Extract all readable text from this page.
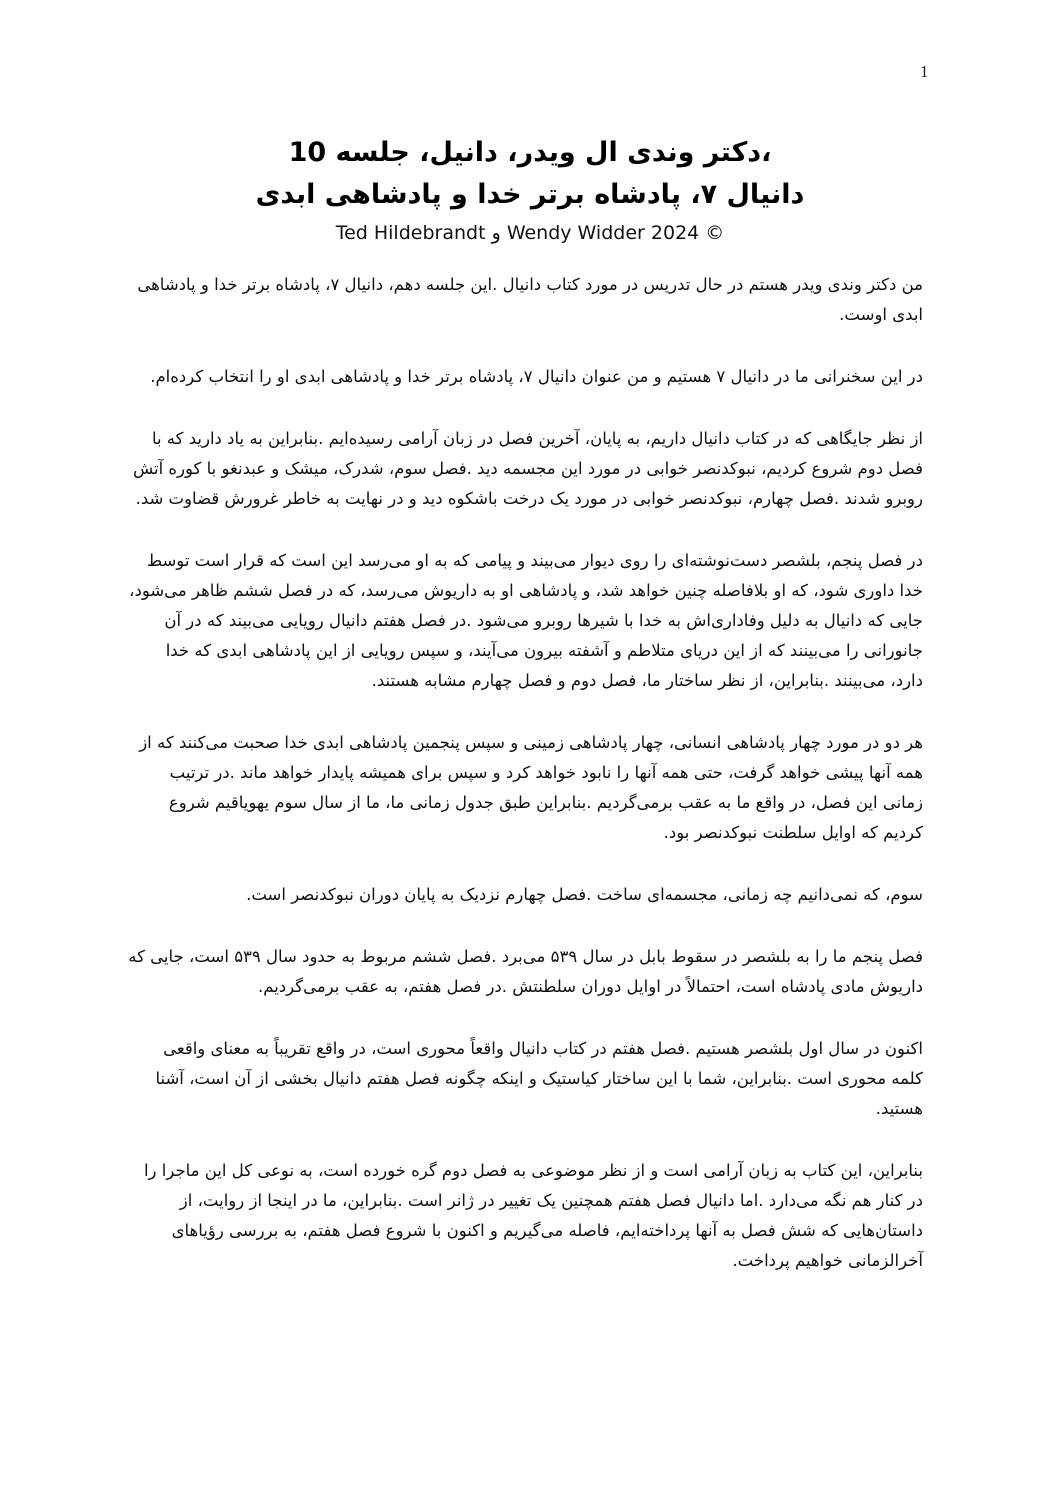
1
،دکتر وندی ال ویدر، دانیل، جلسه 10
دانیال ۷، پادشاه برتر خدا و پادشاهی ابدی
© 2024 Wendy Widder و Ted Hildebrandt

من دکتر وندی ویدر هستم در حال تدریس در مورد کتاب دانیال .این جلسه دهم، دانیال ۷، پادشاه برتر خدا و پادشاهی ابدی اوست.

در این سخنرانی ما در دانیال ۷ هستیم و من عنوان دانیال ۷، پادشاه برتر خدا و پادشاهی ابدی او را انتخاب کرده‌ام.

از نظر جایگاهی که در کتاب دانیال داریم، به پایان، آخرین فصل در زبان آرامی رسیده‌ایم .بنابراین به یاد دارید که با فصل دوم شروع کردیم، نبوکدنصر خوابی در مورد این مجسمه دید .فصل سوم، شدرک، میشک و عبدنغو با کوره آتش روبرو شدند .فصل چهارم، نبوکدنصر خوابی در مورد یک درخت باشکوه دید و در نهایت به خاطر غرورش قضاوت شد.

در فصل پنجم، بلشصر دست‌نوشته‌ای را روی دیوار می‌بیند و پیامی که به او می‌رسد این است که قرار است توسط خدا داوری شود، که او بلافاصله چنین خواهد شد، و پادشاهی او به داریوش می‌رسد، که در فصل ششم ظاهر می‌شود، جایی که دانیال به دلیل وفاداری‌اش به خدا با شیرها روبرو می‌شود .در فصل هفتم دانیال رویایی می‌بیند که در آن جانورانی را می‌بینند که از این دریای متلاطم و آشفته بیرون می‌آیند، و سپس رویایی از این پادشاهی ابدی که خدا دارد، می‌بینند .بنابراین، از نظر ساختار ما، فصل دوم و فصل چهارم مشابه هستند.

هر دو در مورد چهار پادشاهی انسانی، چهار پادشاهی زمینی و سپس پنجمین پادشاهی ابدی خدا صحبت می‌کنند که از همه آنها پیشی خواهد گرفت، حتی همه آنها را نابود خواهد کرد و سپس برای همیشه پایدار خواهد ماند .در ترتیب زمانی این فصل، در واقع ما به عقب برمی‌گردیم .بنابراین طبق جدول زمانی ما، ما از سال سوم یهویاقیم شروع کردیم که اوایل سلطنت نبوکدنصر بود.

سوم، که نمی‌دانیم چه زمانی، مجسمه‌ای ساخت .فصل چهارم نزدیک به پایان دوران نبوکدنصر است.

فصل پنجم ما را به بلشصر در سقوط بابل در سال ۵۳۹ می‌برد .فصل ششم مربوط به حدود سال ۵۳۹ است، جایی که داریوش مادی پادشاه است، احتمالاً در اوایل دوران سلطنتش .در فصل هفتم، به عقب برمی‌گردیم.

اکنون در سال اول بلشصر هستیم .فصل هفتم در کتاب دانیال واقعاً محوری است، در واقع تقریباً به معنای واقعی کلمه محوری است .بنابراین، شما با این ساختار کیاستیک و اینکه چگونه فصل هفتم دانیال بخشی از آن است، آشنا هستید.

بنابراین، این کتاب به زبان آرامی است و از نظر موضوعی به فصل دوم گره خورده است، به نوعی کل این ماجرا را در کنار هم نگه می‌دارد .اما دانیال فصل هفتم همچنین یک تغییر در ژانر است .بنابراین، ما در اینجا از روایت، از داستان‌هایی که شش فصل به آنها پرداخته‌ایم، فاصله می‌گیریم و اکنون با شروع فصل هفتم، به بررسی رؤیاهای آخرالزمانی خواهیم پرداخت.
